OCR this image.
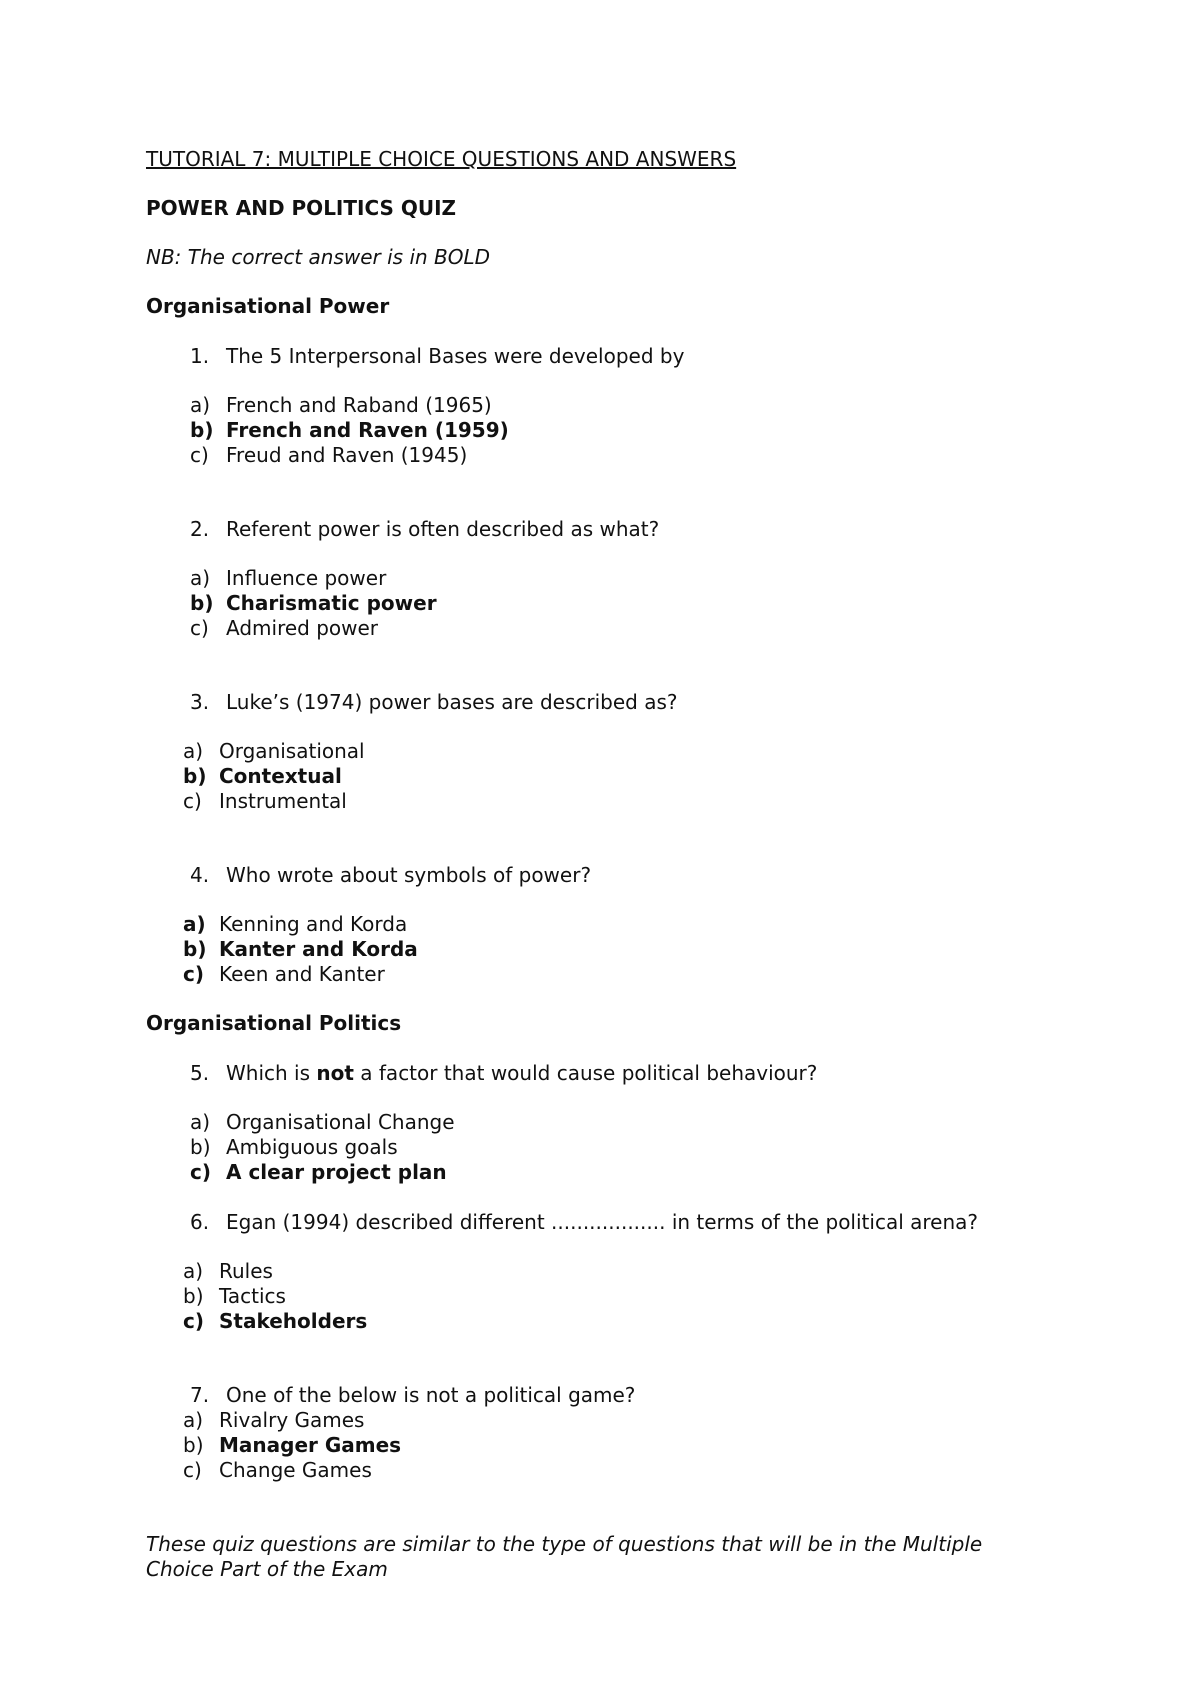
TUTORIAL 7: MULTIPLE CHOICE QUESTIONS AND ANSWERS
POWER AND POLITICS QUIZ
NB: The correct answer is in BOLD
Organisational Power
1. The 5 Interpersonal Bases were developed by
a) French and Raband (1965)
b) French and Raven (1959)
c) Freud and Raven (1945)
2. Referent power is often described as what?
a) Influence power
b) Charismatic power
c) Admired power
3. Luke’s (1974) power bases are described as?
a) Organisational
b) Contextual
c) Instrumental
4. Who wrote about symbols of power?
a) Kenning and Korda
b) Kanter and Korda
c) Keen and Kanter
Organisational Politics
5. Which is not a factor that would cause political behaviour?
a) Organisational Change
b) Ambiguous goals
c) A clear project plan
6. Egan (1994) described different .................. in terms of the political arena?
a) Rules
b) Tactics
c) Stakeholders
7. One of the below is not a political game?
a) Rivalry Games
b) Manager Games
c) Change Games
These quiz questions are similar to the type of questions that will be in the Multiple
Choice Part of the Exam
